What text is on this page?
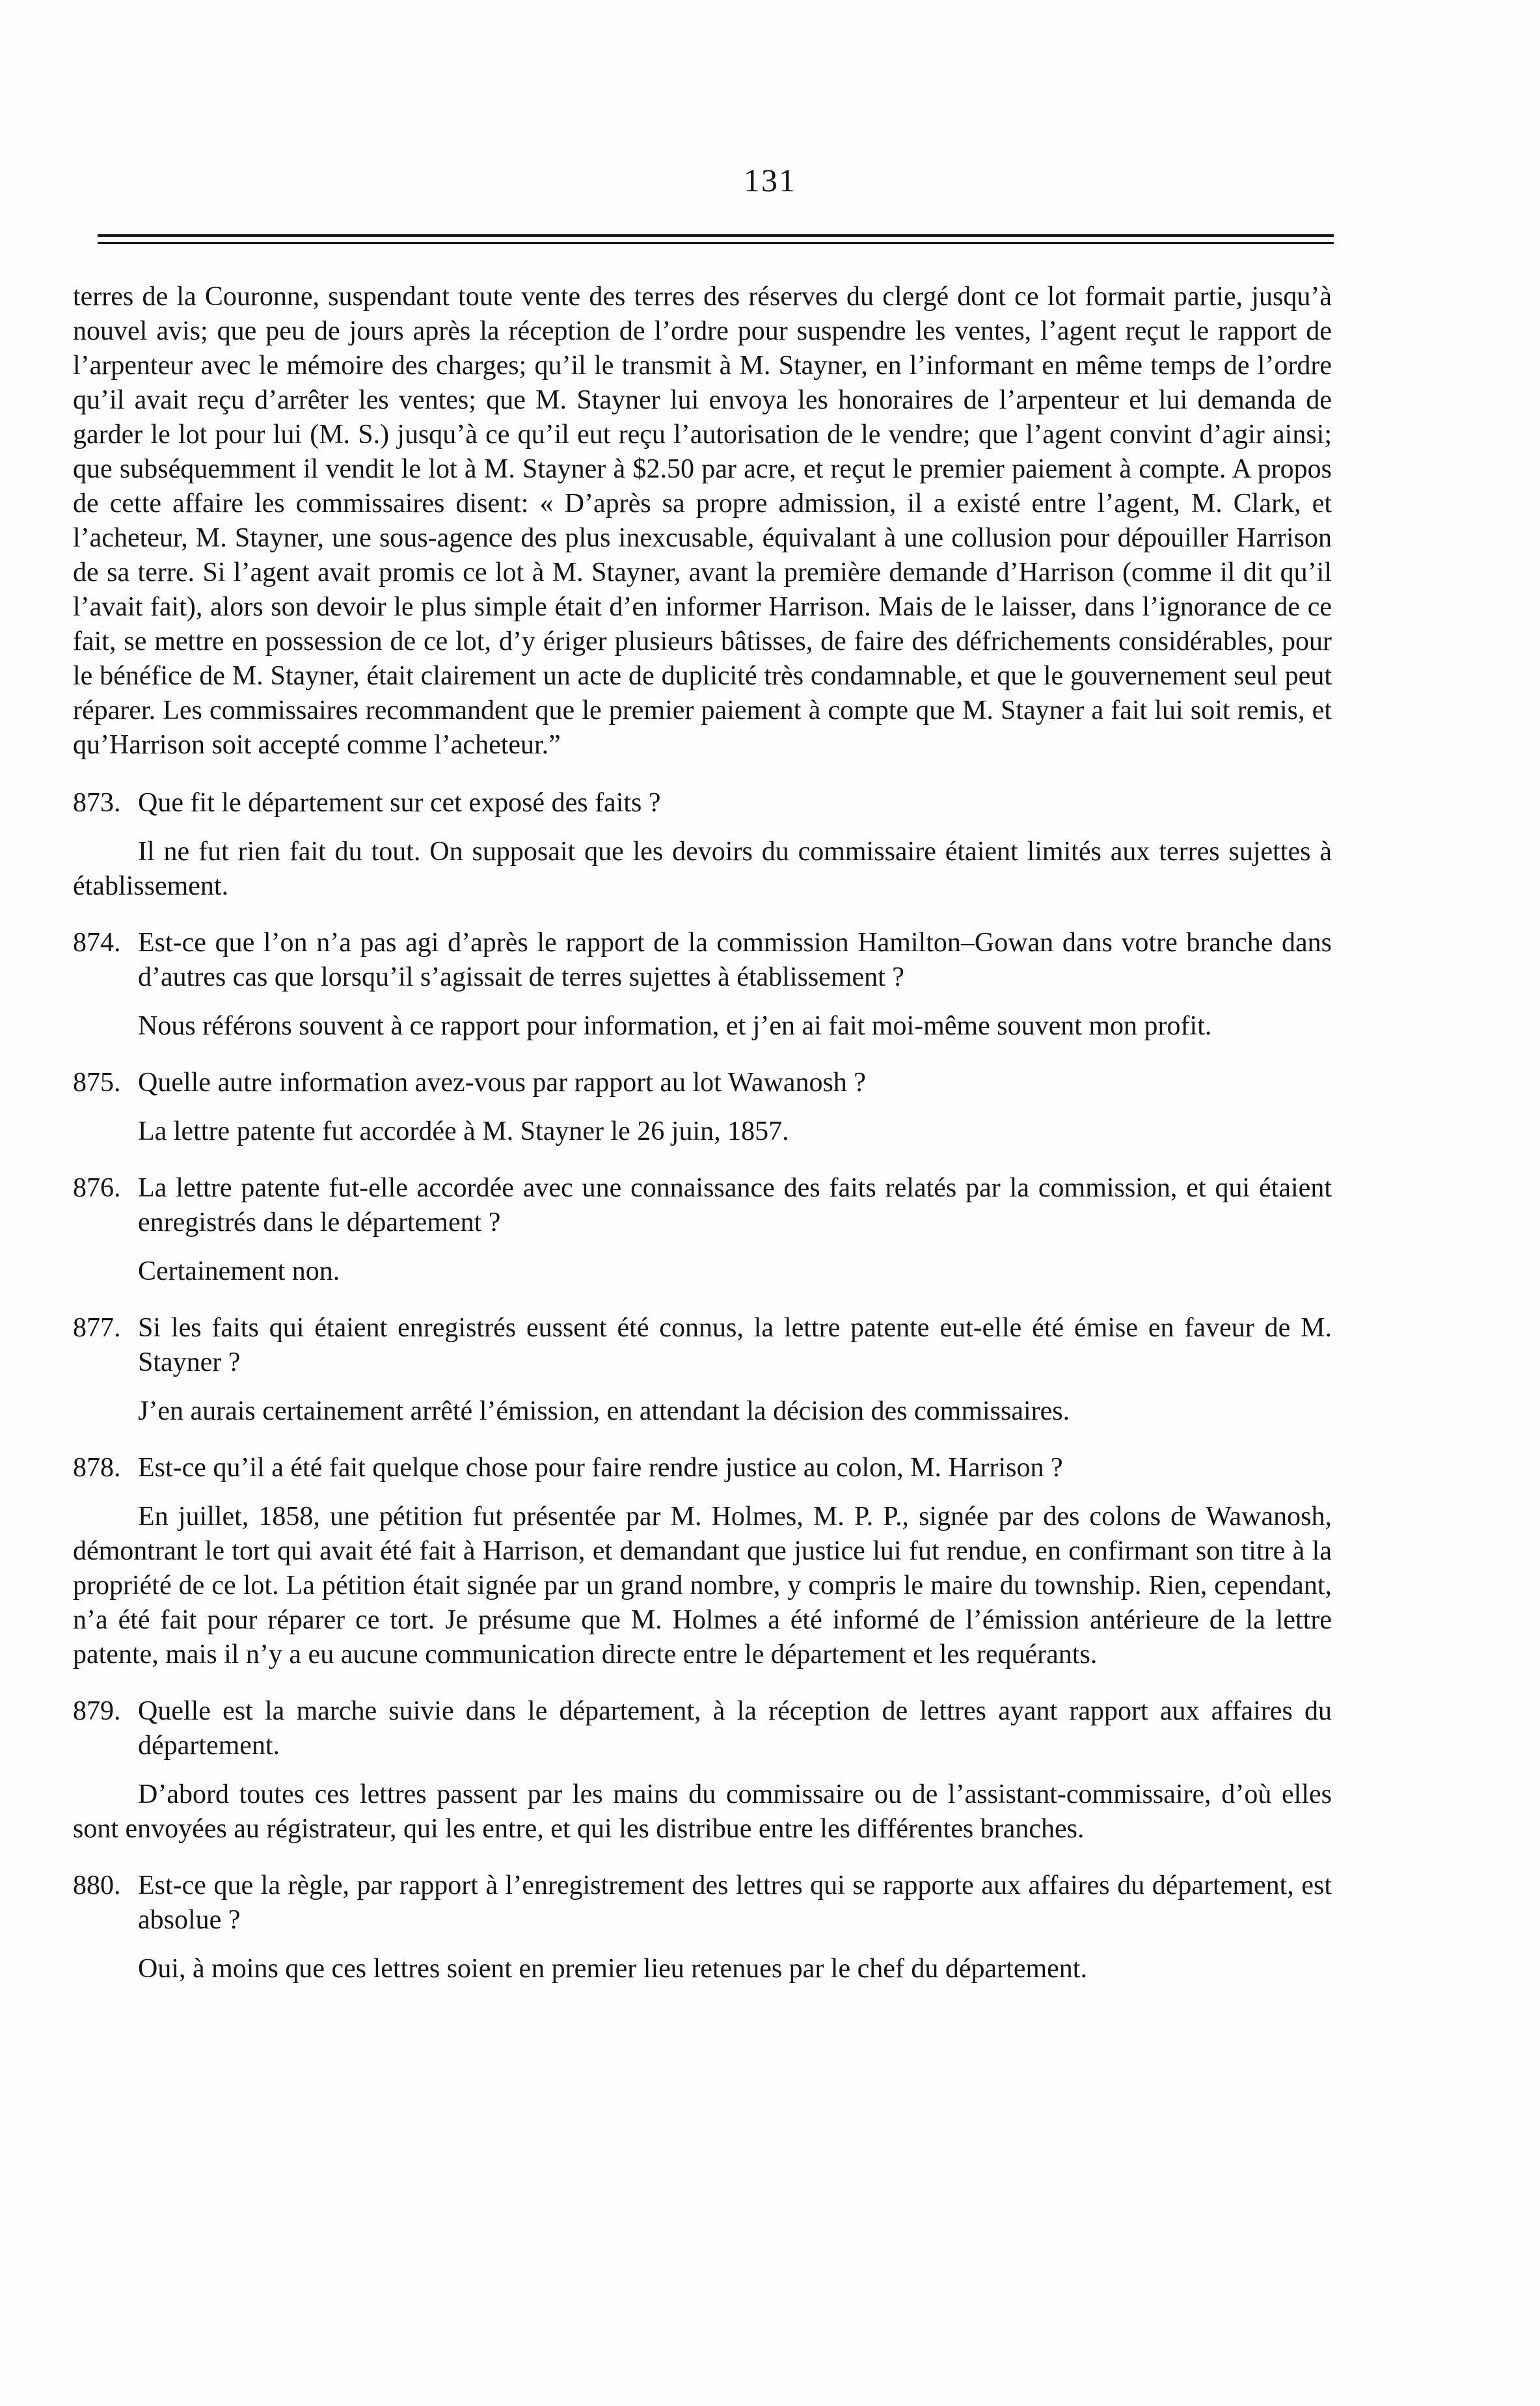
131

terres de la Couronne, suspendant toute vente des terres des réserves du clergé dont ce lot formait partie, jusqu’à nouvel avis; que peu de jours après la réception de l’ordre pour suspendre les ventes, l’agent reçut le rapport de l’arpenteur avec le mémoire des charges; qu’il le transmit à M. Stayner, en l’informant en même temps de l’ordre qu’il avait reçu d’arrêter les ventes; que M. Stayner lui envoya les honoraires de l’arpenteur et lui demanda de garder le lot pour lui (M. S.) jusqu’à ce qu’il eut reçu l’autorisation de le vendre; que l’agent convint d’agir ainsi; que subséquemment il vendit le lot à M. Stayner à $2.50 par acre, et reçut le premier paiement à compte. A propos de cette affaire les commissaires disent: « D’après sa propre admission, il a existé entre l’agent, M. Clark, et l’acheteur, M. Stayner, une sous-agence des plus inexcusable, équivalant à une collusion pour dépouiller Harrison de sa terre. Si l’agent avait promis ce lot à M. Stayner, avant la première demande d’Harrison (comme il dit qu’il l’avait fait), alors son devoir le plus simple était d’en informer Harrison. Mais de le laisser, dans l’ignorance de ce fait, se mettre en possession de ce lot, d’y ériger plusieurs bâtisses, de faire des défrichements considérables, pour le bénéfice de M. Stayner, était clairement un acte de duplicité très condamnable, et que le gouvernement seul peut réparer. Les commissaires recommandent que le premier paiement à compte que M. Stayner a fait lui soit remis, et qu’Harrison soit accepté comme l’acheteur.”

873. Que fit le département sur cet exposé des faits ?

Il ne fut rien fait du tout. On supposait que les devoirs du commissaire étaient limités aux terres sujettes à établissement.

874. Est-ce que l’on n’a pas agi d’après le rapport de la commission Hamilton–Gowan dans votre branche dans d’autres cas que lorsqu’il s’agissait de terres sujettes à établissement ?

Nous référons souvent à ce rapport pour information, et j’en ai fait moi-même souvent mon profit.

875. Quelle autre information avez-vous par rapport au lot Wawanosh ?

La lettre patente fut accordée à M. Stayner le 26 juin, 1857.

876. La lettre patente fut-elle accordée avec une connaissance des faits relatés par la commission, et qui étaient enregistrés dans le département ?

Certainement non.

877. Si les faits qui étaient enregistrés eussent été connus, la lettre patente eut-elle été émise en faveur de M. Stayner ?

J’en aurais certainement arrêté l’émission, en attendant la décision des commissaires.

878. Est-ce qu’il a été fait quelque chose pour faire rendre justice au colon, M. Harrison ?

En juillet, 1858, une pétition fut présentée par M. Holmes, M. P. P., signée par des colons de Wawanosh, démontrant le tort qui avait été fait à Harrison, et demandant que justice lui fut rendue, en confirmant son titre à la propriété de ce lot. La pétition était signée par un grand nombre, y compris le maire du township. Rien, cependant, n’a été fait pour réparer ce tort. Je présume que M. Holmes a été informé de l’émission antérieure de la lettre patente, mais il n’y a eu aucune communication directe entre le département et les requérants.

879. Quelle est la marche suivie dans le département, à la réception de lettres ayant rapport aux affaires du département.

D’abord toutes ces lettres passent par les mains du commissaire ou de l’assistant-commissaire, d’où elles sont envoyées au régistrateur, qui les entre, et qui les distribue entre les différentes branches.

880. Est-ce que la règle, par rapport à l’enregistrement des lettres qui se rapporte aux affaires du département, est absolue ?

Oui, à moins que ces lettres soient en premier lieu retenues par le chef du département.
